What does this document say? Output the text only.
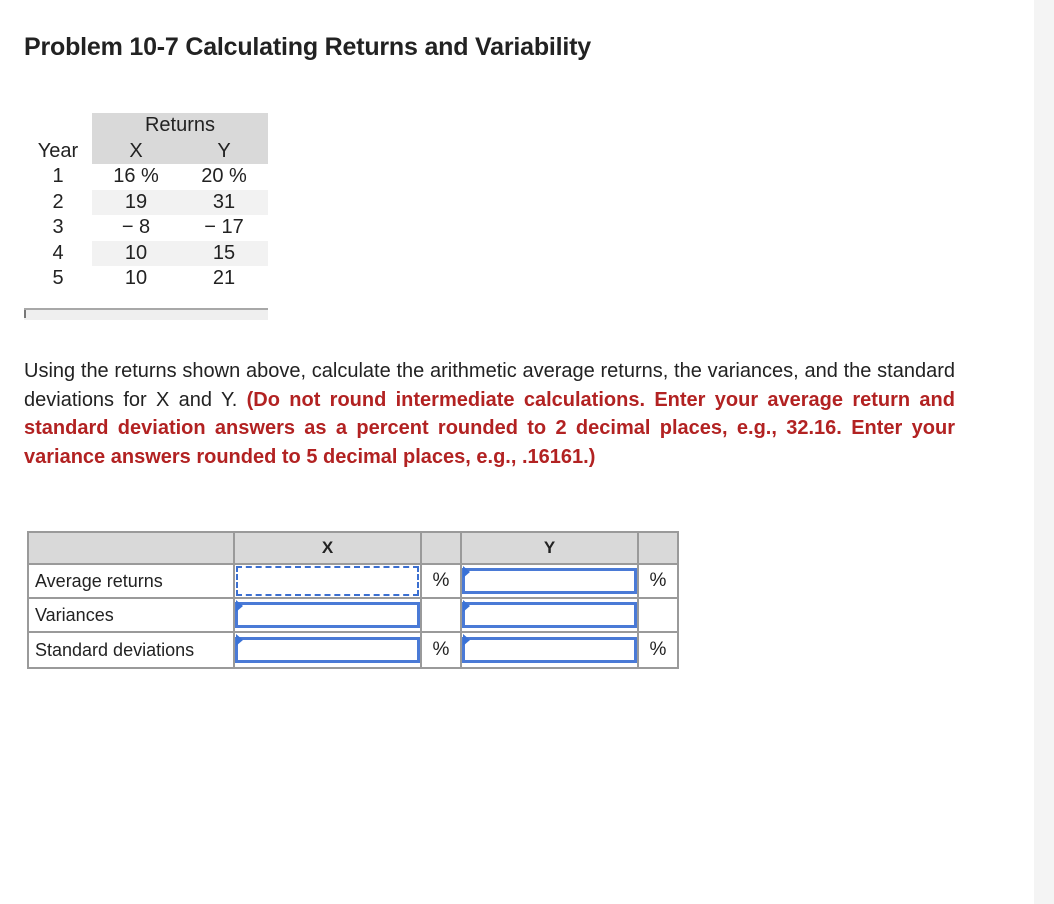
Problem 10-7 Calculating Returns and Variability
	Returns	
Year	X	Y
1	16 %	20 %
2	19	31
3	− 8	− 17
4	10	15
5	10	21
Using the returns shown above, calculate the arithmetic average returns, the variances, and the standard deviations for X and Y. (Do not round intermediate calculations. Enter your average return and standard deviation answers as a percent rounded to 2 decimal places, e.g., 32.16. Enter your variance answers rounded to 5 decimal places, e.g., .16161.)
	X		Y	
Average returns		%		%
Variances	

Standard deviations		%		%
